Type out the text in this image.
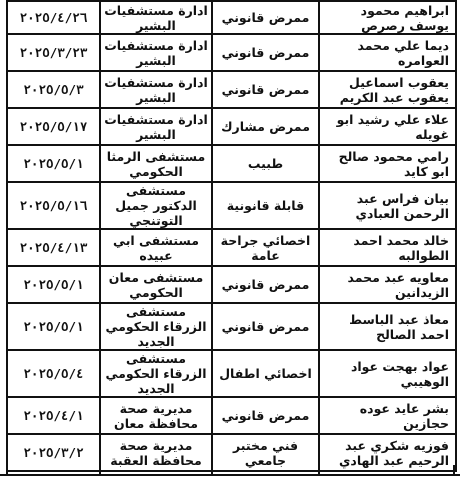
٢٠٢٥/٤/٢٦	ادارة مستشفيات البشير	ممرض قانوني	ابراهيم محمود يوسف رصرص
٢٠٢٥/٣/٢٣	ادارة مستشفيات البشير	ممرض قانوني	ديما علي محمد العوامره
٢٠٢٥/٥/٣	ادارة مستشفيات البشير	ممرض قانوني	يعقوب اسماعيل يعقوب عبد الكريم
٢٠٢٥/٥/١٧	ادارة مستشفيات البشير	ممرض مشارك	علاء علي رشيد ابو غويله
٢٠٢٥/٥/١	مستشفى الرمثا الحكومي	طبيب	رامي محمود صالح ابو كايد
٢٠٢٥/٥/١٦	مستشفى الدكتور جميل التوتنجي	قابلة قانونية	بيان فراس عبد الرحمن العبادي
٢٠٢٥/٤/١٣	مستشفى ابي عبيده	اخصائي جراحة عامة	خالد محمد احمد الطوالبه
٢٠٢٥/٥/١	مستشفى معان الحكومي	ممرض قانوني	معاويه عبد محمد الزيدانين
٢٠٢٥/٥/١	مستشفى الزرقاء الحكومي الجديد	ممرض قانوني	معاذ عبد الباسط احمد الصالح
٢٠٢٥/٥/٤	مستشفى الزرقاء الحكومي الجديد	اخصائي اطفال	عواد بهجت عواد الوهيبي
٢٠٢٥/٤/١	مديرية صحة محافظة معان	ممرض قانوني	بشر عايد عوده حجازين
٢٠٢٥/٣/٢	مديرية صحة محافظة العقبة	فني مختبر جامعي	فوزيه شكري عبد الرحيم عبد الهادي
